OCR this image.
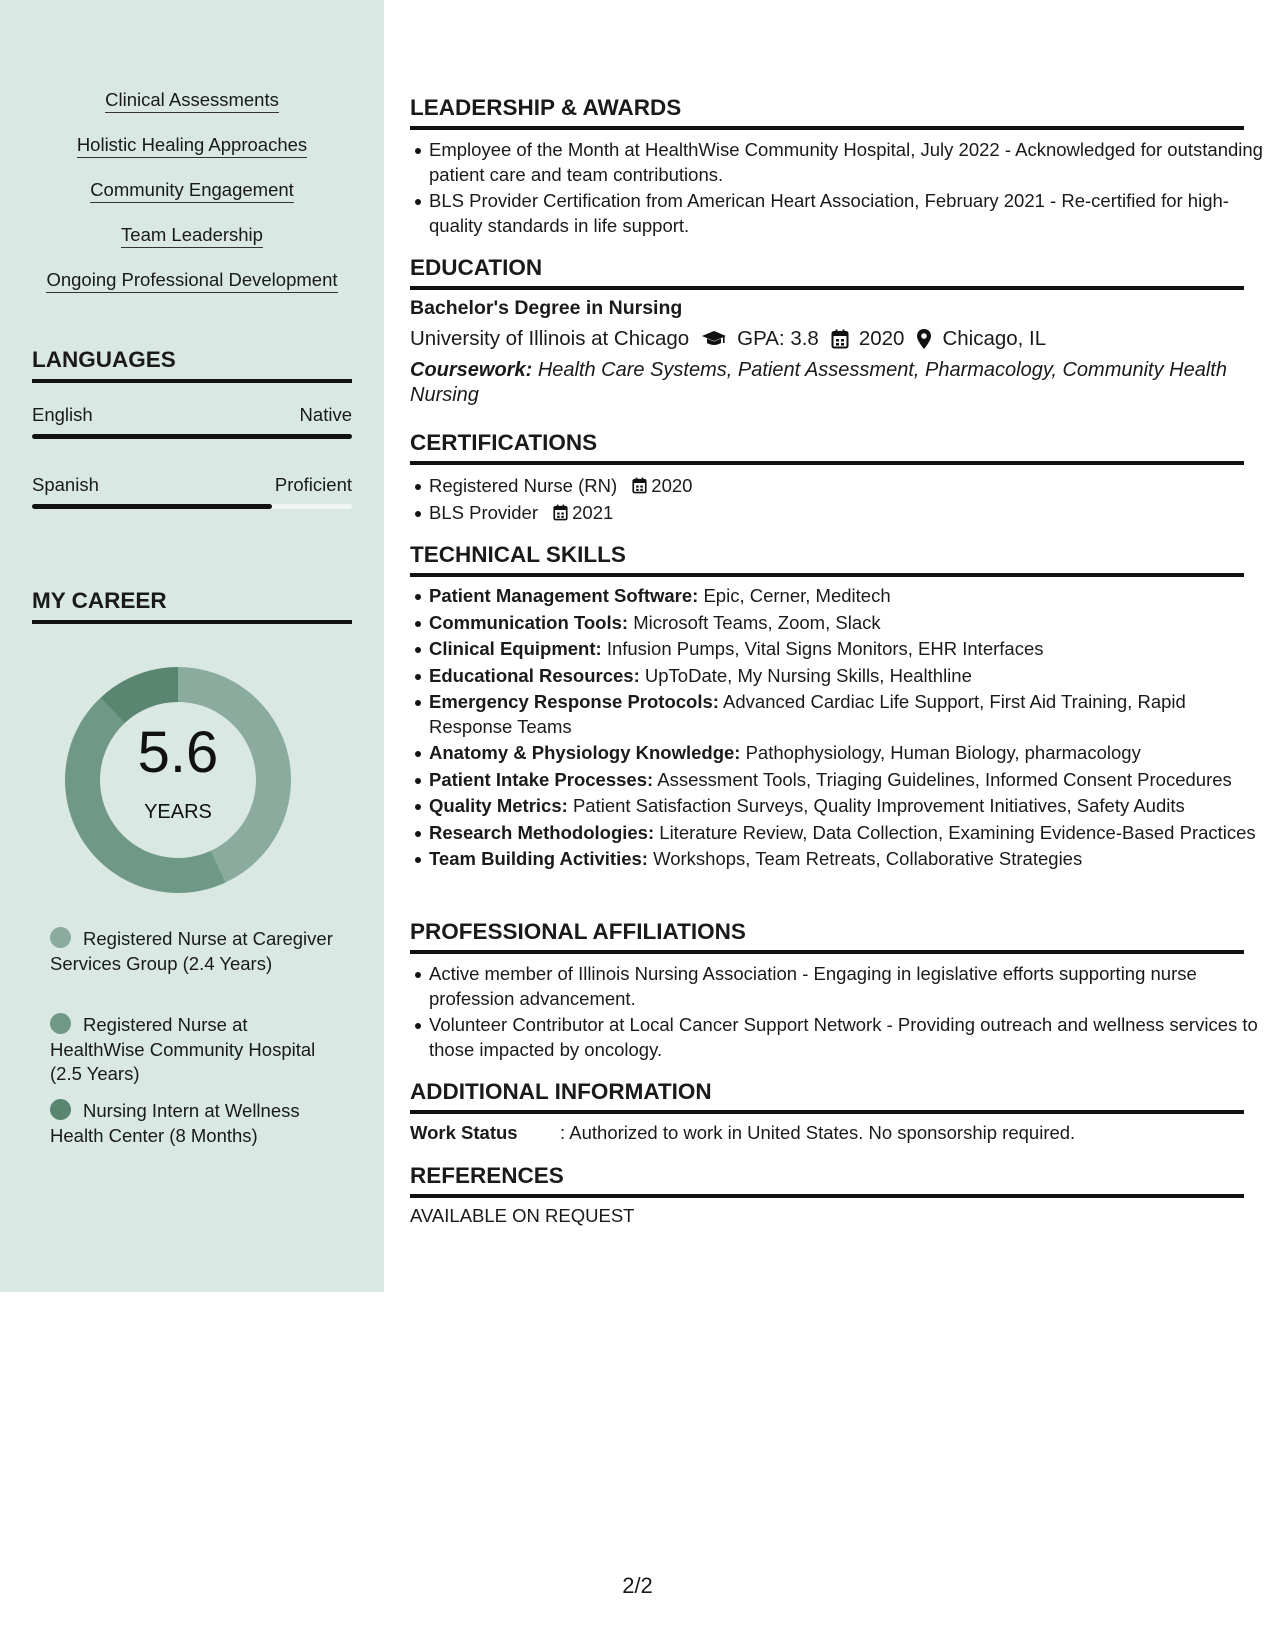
Clinical Assessments
Holistic Healing Approaches
Community Engagement
Team Leadership
Ongoing Professional Development
LANGUAGES
English	Native
Spanish	Proficient
MY CAREER
5.6
YEARS
Registered Nurse at Caregiver Services Group (2.4 Years)
Registered Nurse at HealthWise Community Hospital (2.5 Years)
Nursing Intern at Wellness Health Center (8 Months)
LEADERSHIP & AWARDS
Employee of the Month at HealthWise Community Hospital, July 2022 - Acknowledged for outstanding patient care and team contributions.
BLS Provider Certification from American Heart Association, February 2021 - Re-certified for high-quality standards in life support.
EDUCATION
Bachelor's Degree in Nursing
University of Illinois at Chicago GPA: 3.8 2020 Chicago, IL
Coursework: Health Care Systems, Patient Assessment, Pharmacology, Community Health Nursing
CERTIFICATIONS
Registered Nurse (RN) 2020
BLS Provider 2021
TECHNICAL SKILLS
Patient Management Software: Epic, Cerner, Meditech
Communication Tools: Microsoft Teams, Zoom, Slack
Clinical Equipment: Infusion Pumps, Vital Signs Monitors, EHR Interfaces
Educational Resources: UpToDate, My Nursing Skills, Healthline
Emergency Response Protocols: Advanced Cardiac Life Support, First Aid Training, Rapid Response Teams
Anatomy & Physiology Knowledge: Pathophysiology, Human Biology, pharmacology
Patient Intake Processes: Assessment Tools, Triaging Guidelines, Informed Consent Procedures
Quality Metrics: Patient Satisfaction Surveys, Quality Improvement Initiatives, Safety Audits
Research Methodologies: Literature Review, Data Collection, Examining Evidence-Based Practices
Team Building Activities: Workshops, Team Retreats, Collaborative Strategies
PROFESSIONAL AFFILIATIONS
Active member of Illinois Nursing Association - Engaging in legislative efforts supporting nurse profession advancement.
Volunteer Contributor at Local Cancer Support Network - Providing outreach and wellness services to those impacted by oncology.
ADDITIONAL INFORMATION
Work Status : Authorized to work in United States. No sponsorship required.
REFERENCES
AVAILABLE ON REQUEST
2/2
